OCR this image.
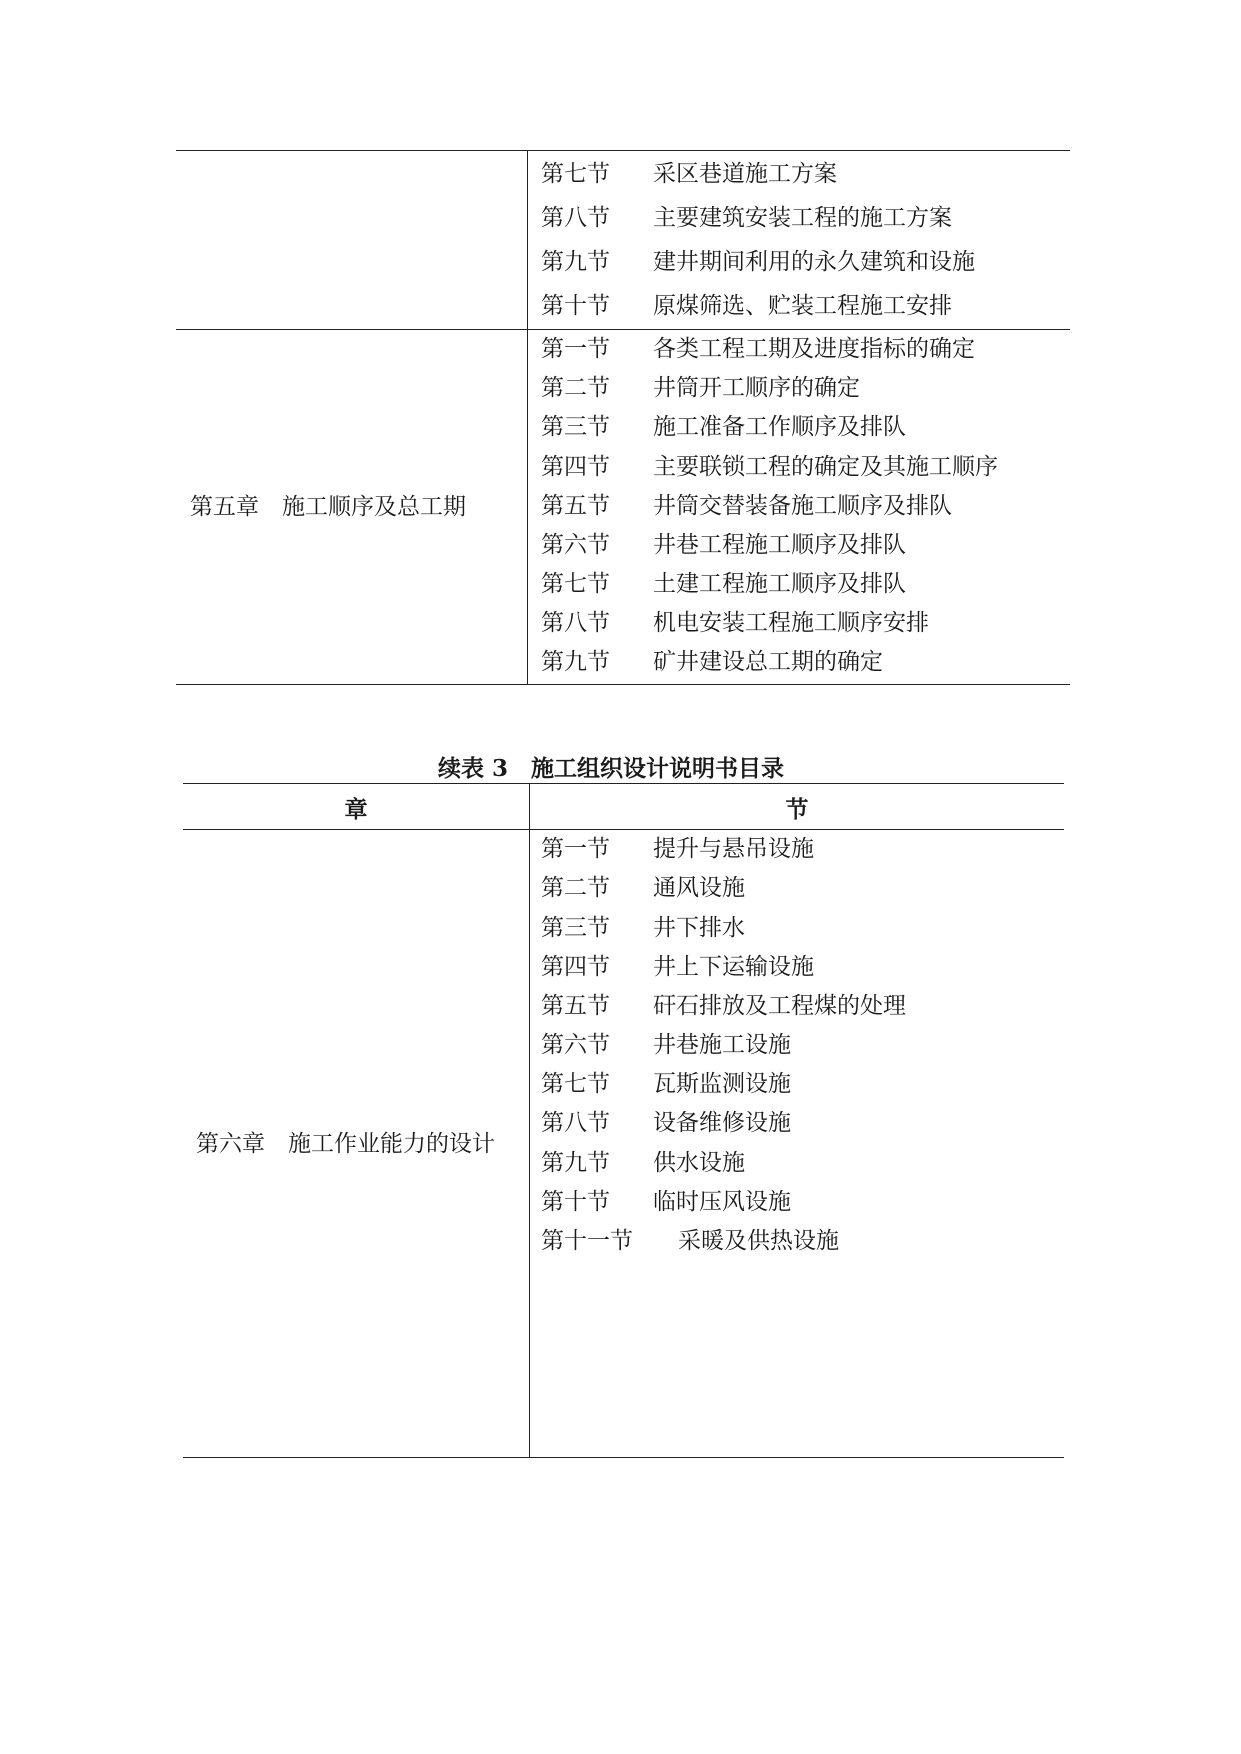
第七节 采区巷道施工方案
第八节 主要建筑安装工程的施工方案
第九节 建井期间利用的永久建筑和设施
第十节 原煤筛选、贮装工程施工安排
第五章　施工顺序及总工期
第一节 各类工程工期及进度指标的确定
第二节 井筒开工顺序的确定
第三节 施工准备工作顺序及排队
第四节 主要联锁工程的确定及其施工顺序
第五节 井筒交替装备施工顺序及排队
第六节 井巷工程施工顺序及排队
第七节 土建工程施工顺序及排队
第八节 机电安装工程施工顺序安排
第九节 矿井建设总工期的确定
续表 3　施工组织设计说明书目录
章	节
第六章　施工作业能力的设计
第一节 提升与悬吊设施
第二节 通风设施
第三节 井下排水
第四节 井上下运输设施
第五节 矸石排放及工程煤的处理
第六节 井巷施工设施
第七节 瓦斯监测设施
第八节 设备维修设施
第九节 供水设施
第十节 临时压风设施
第十一节 采暖及供热设施
